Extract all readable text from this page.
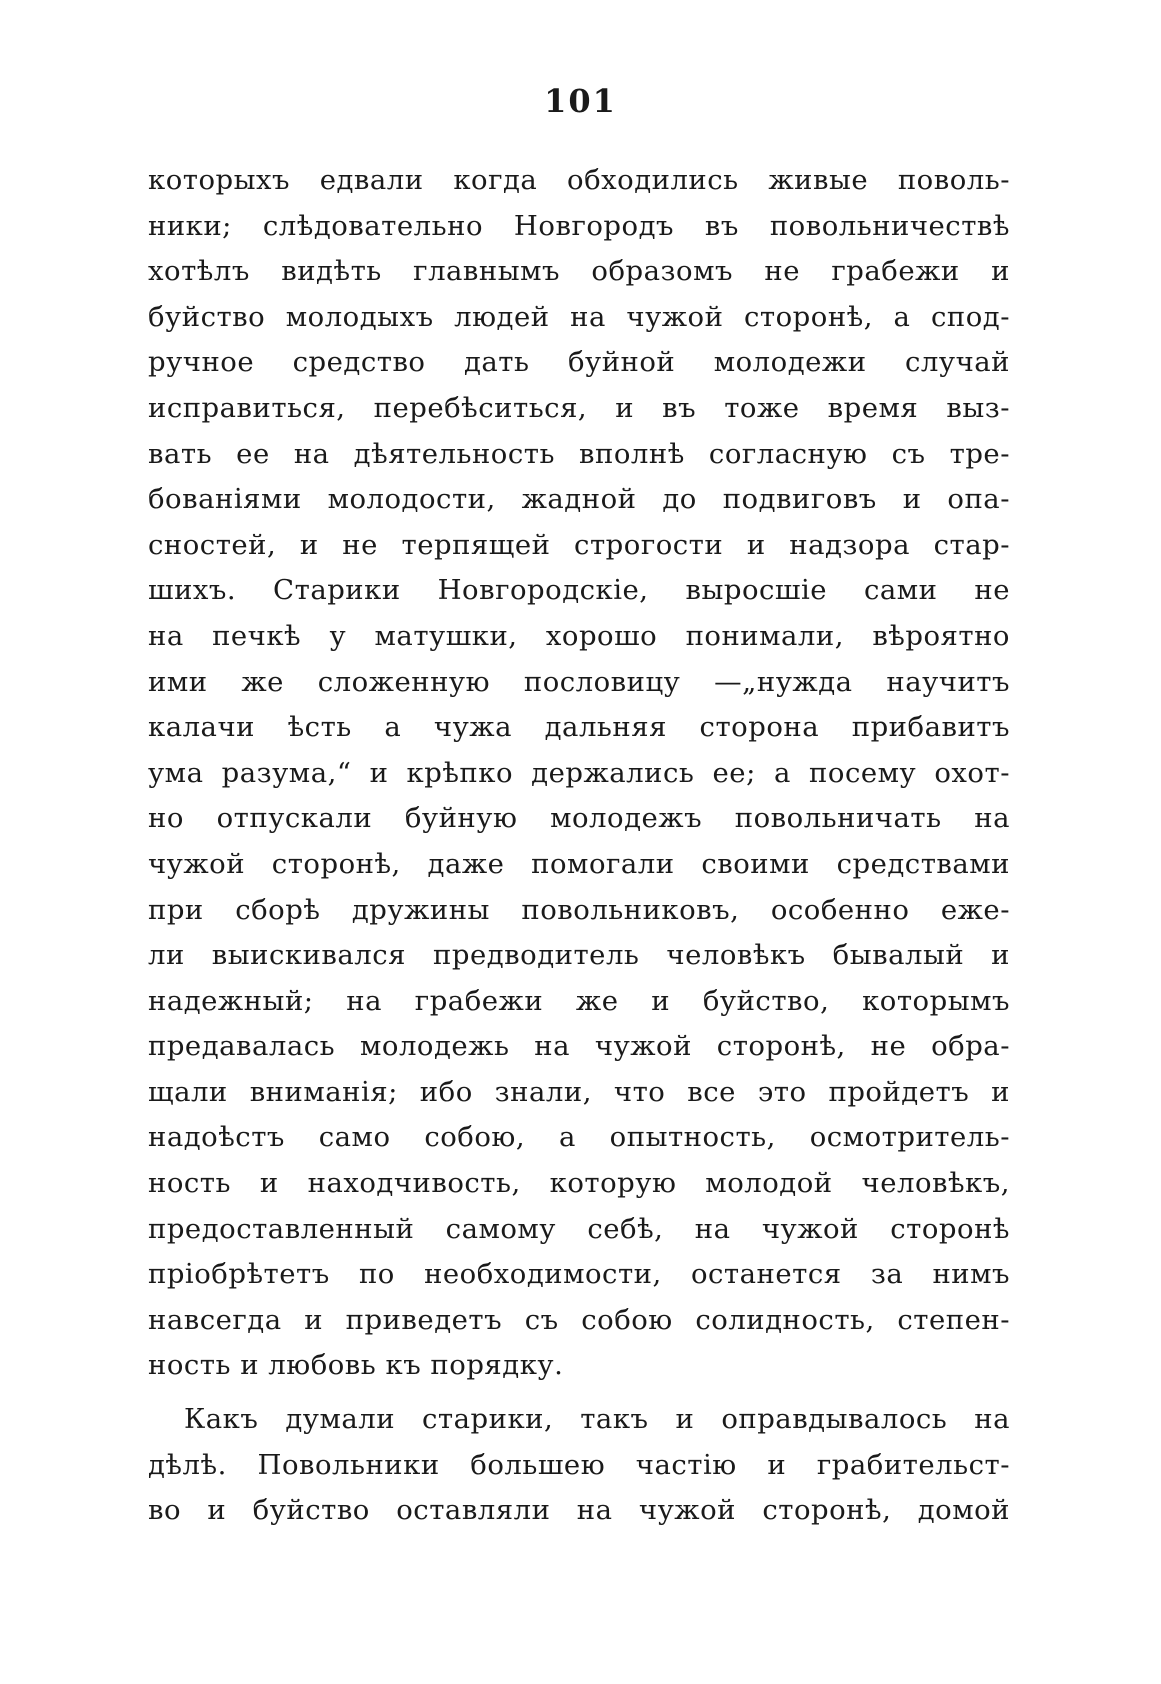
101
которыхъ едвали когда обходились живые поволь-
ники; слѣдовательно Новгородъ въ повольничествѣ
хотѣлъ видѣть главнымъ образомъ не грабежи и
буйство молодыхъ людей на чужой сторонѣ, а спод-
ручное средство дать буйной молодежи случай
исправиться, перебѣситься, и въ тоже время выз-
вать ее на дѣятельность вполнѣ согласную съ тре-
бованіями молодости, жадной до подвиговъ и опа-
сностей, и не терпящей строгости и надзора стар-
шихъ. Старики Новгородскіе, выросшіе сами не
на печкѣ у матушки, хорошо понимали, вѣроятно
ими же сложенную пословицу —„нужда научитъ
калачи ѣсть а чужа дальняя сторона прибавитъ
ума разума,“ и крѣпко держались ее; а посему охот-
но отпускали буйную молодежъ повольничать на
чужой сторонѣ, даже помогали своими средствами
при сборѣ дружины повольниковъ, особенно еже-
ли выискивался предводитель человѣкъ бывалый и
надежный; на грабежи же и буйство, которымъ
предавалась молодежь на чужой сторонѣ, не обра-
щали вниманія; ибо знали, что все это пройдетъ и
надоѣстъ само собою, а опытность, осмотритель-
ность и находчивость, которую молодой человѣкъ,
предоставленный самому себѣ, на чужой сторонѣ
пріобрѣтетъ по необходимости, останется за нимъ
навсегда и приведетъ съ собою солидность, степен-
ность и любовь къ порядку.
Какъ думали старики, такъ и оправдывалось на
дѣлѣ. Повольники большею частію и грабительст-
во и буйство оставляли на чужой сторонѣ, домой
